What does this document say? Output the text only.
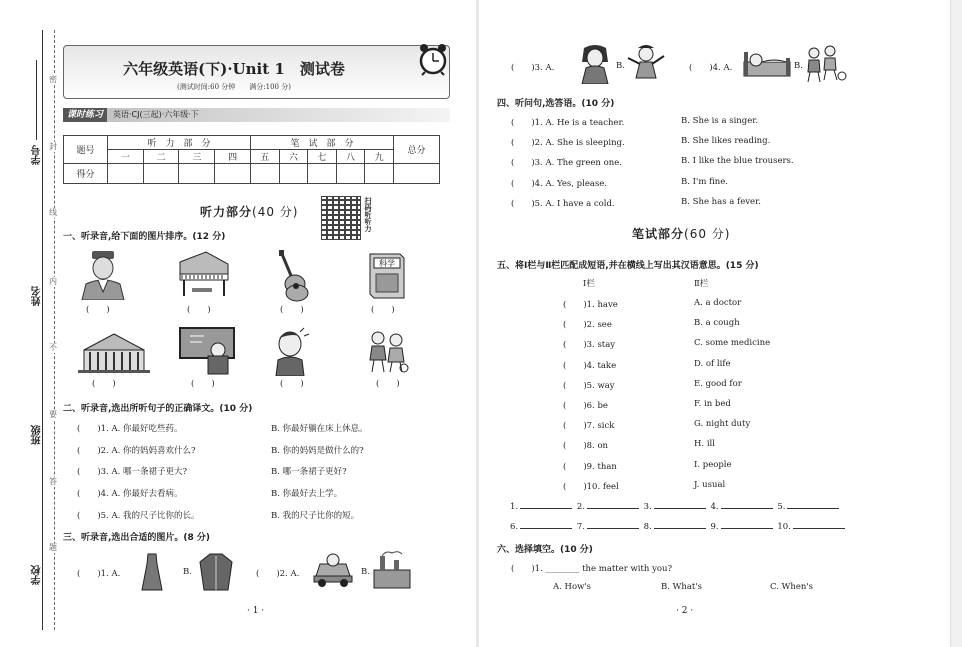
密
封
线
内
不
要
答
题
学号
姓名
班级
学校
六年级英语(下)·Unit 1　测试卷
(测试时间:60 分钟　　满分:100 分)
课时练习 英语·CJ(三起)·六年级·下
题号	听　力　部　分				笔　试　部　分					总分
	一	二	三	四	五	六	七	八	九	
得分										
听力部分(40 分)	扫码听听力
一、听录音,给下面的图片排序。(12 分)
科学
(　　)	(　　)	(　　)	(　　)
(　　)	(　　)	(　　)	(　　)
二、听录音,选出所听句子的正确译文。(10 分)
(　　)1. A. 你最好吃些药。	B. 你最好躺在床上休息。
(　　)2. A. 你的妈妈喜欢什么?	B. 你的妈妈是做什么的?
(　　)3. A. 哪一条裙子更大?	B. 哪一条裙子更好?
(　　)4. A. 你最好去看病。	B. 你最好去上学。
(　　)5. A. 我的尺子比你的长。	B. 我的尺子比你的短。
三、听录音,选出合适的图片。(8 分)
(　　)1. A.	B.	(　　)2. A.	B.
· 1 ·
(　　)3. A.	B.	(　　)4. A.	B.
四、听问句,选答语。(10 分)
(　　)1. A. He is a teacher.	B. She is a singer.
(　　)2. A. She is sleeping.	B. She likes reading.
(　　)3. A. The green one.	B. I like the blue trousers.
(　　)4. A. Yes, please.	B. I'm fine.
(　　)5. A. I have a cold.	B. She has a fever.
笔试部分(60 分)
五、将Ⅰ栏与Ⅱ栏匹配成短语,并在横线上写出其汉语意思。(15 分)
Ⅰ栏	Ⅱ栏
(　　)1. have	A. a doctor
(　　)2. see	B. a cough
(　　)3. stay	C. some medicine
(　　)4. take	D. of life
(　　)5. way	E. good for
(　　)6. be	F. in bed
(　　)7. sick	G. night duty
(　　)8. on	H. ill
(　　)9. than	I. people
(　　)10. feel	J. usual
1.	2.	3.	4.	5.
6.	7.	8.	9.	10.
六、选择填空。(10 分)
(　　)1. ________ the matter with you?
A. How's	B. What's	C. When's
· 2 ·
